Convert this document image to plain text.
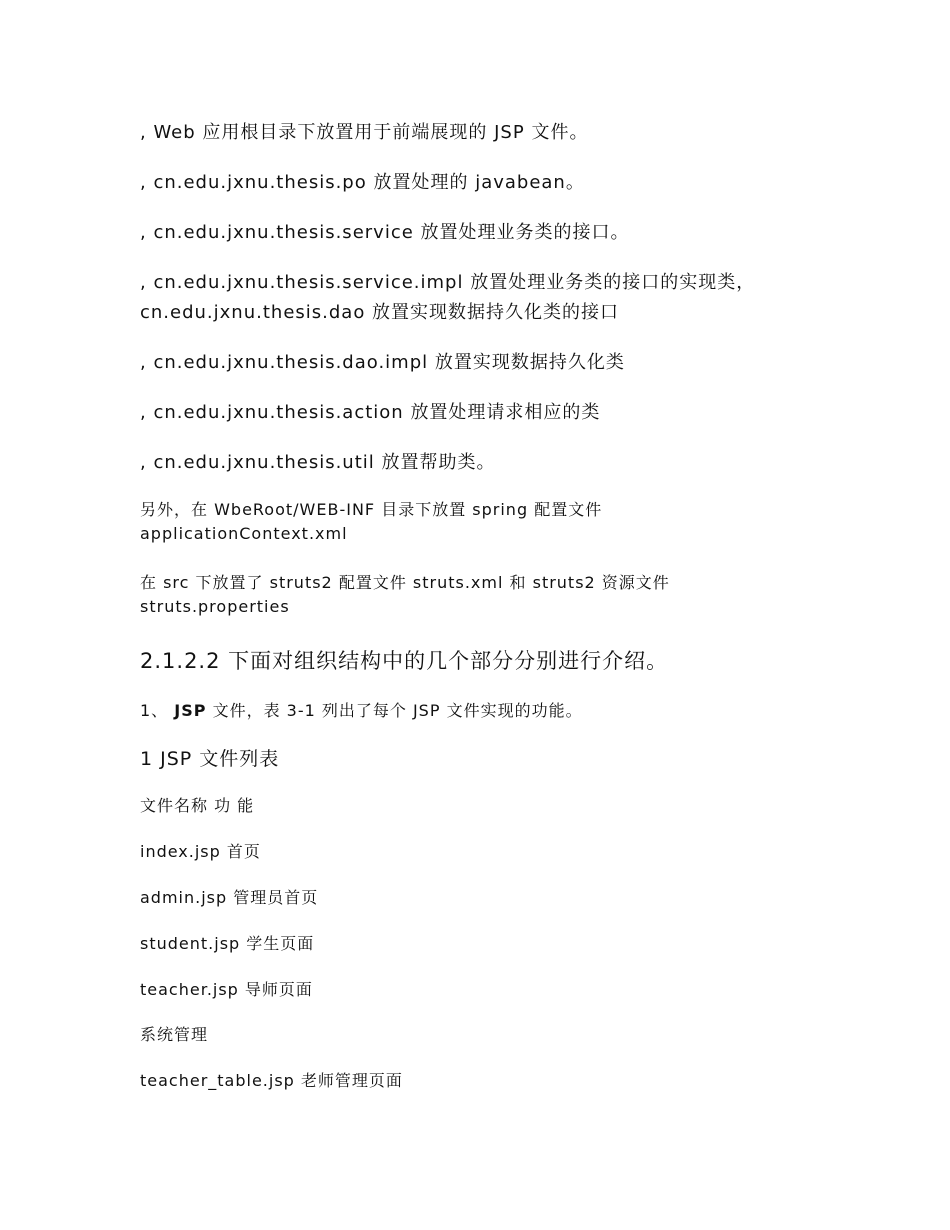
, Web 应用根目录下放置用于前端展现的 JSP 文件。
, cn.edu.jxnu.thesis.po 放置处理的 javabean。
, cn.edu.jxnu.thesis.service 放置处理业务类的接口。
, cn.edu.jxnu.thesis.service.impl 放置处理业务类的接口的实现类，
cn.edu.jxnu.thesis.dao 放置实现数据持久化类的接口
, cn.edu.jxnu.thesis.dao.impl 放置实现数据持久化类
, cn.edu.jxnu.thesis.action 放置处理请求相应的类
, cn.edu.jxnu.thesis.util 放置帮助类。
另外，在 WbeRoot/WEB-INF 目录下放置 spring 配置文件
applicationContext.xml
在 src 下放置了 struts2 配置文件 struts.xml 和 struts2 资源文件
struts.properties
2.1.2.2 下面对组织结构中的几个部分分别进行介绍。
1、 JSP 文件，表 3-1 列出了每个 JSP 文件实现的功能。
1 JSP 文件列表
文件名称 功 能
index.jsp 首页
admin.jsp 管理员首页
student.jsp 学生页面
teacher.jsp 导师页面
系统管理
teacher_table.jsp 老师管理页面
